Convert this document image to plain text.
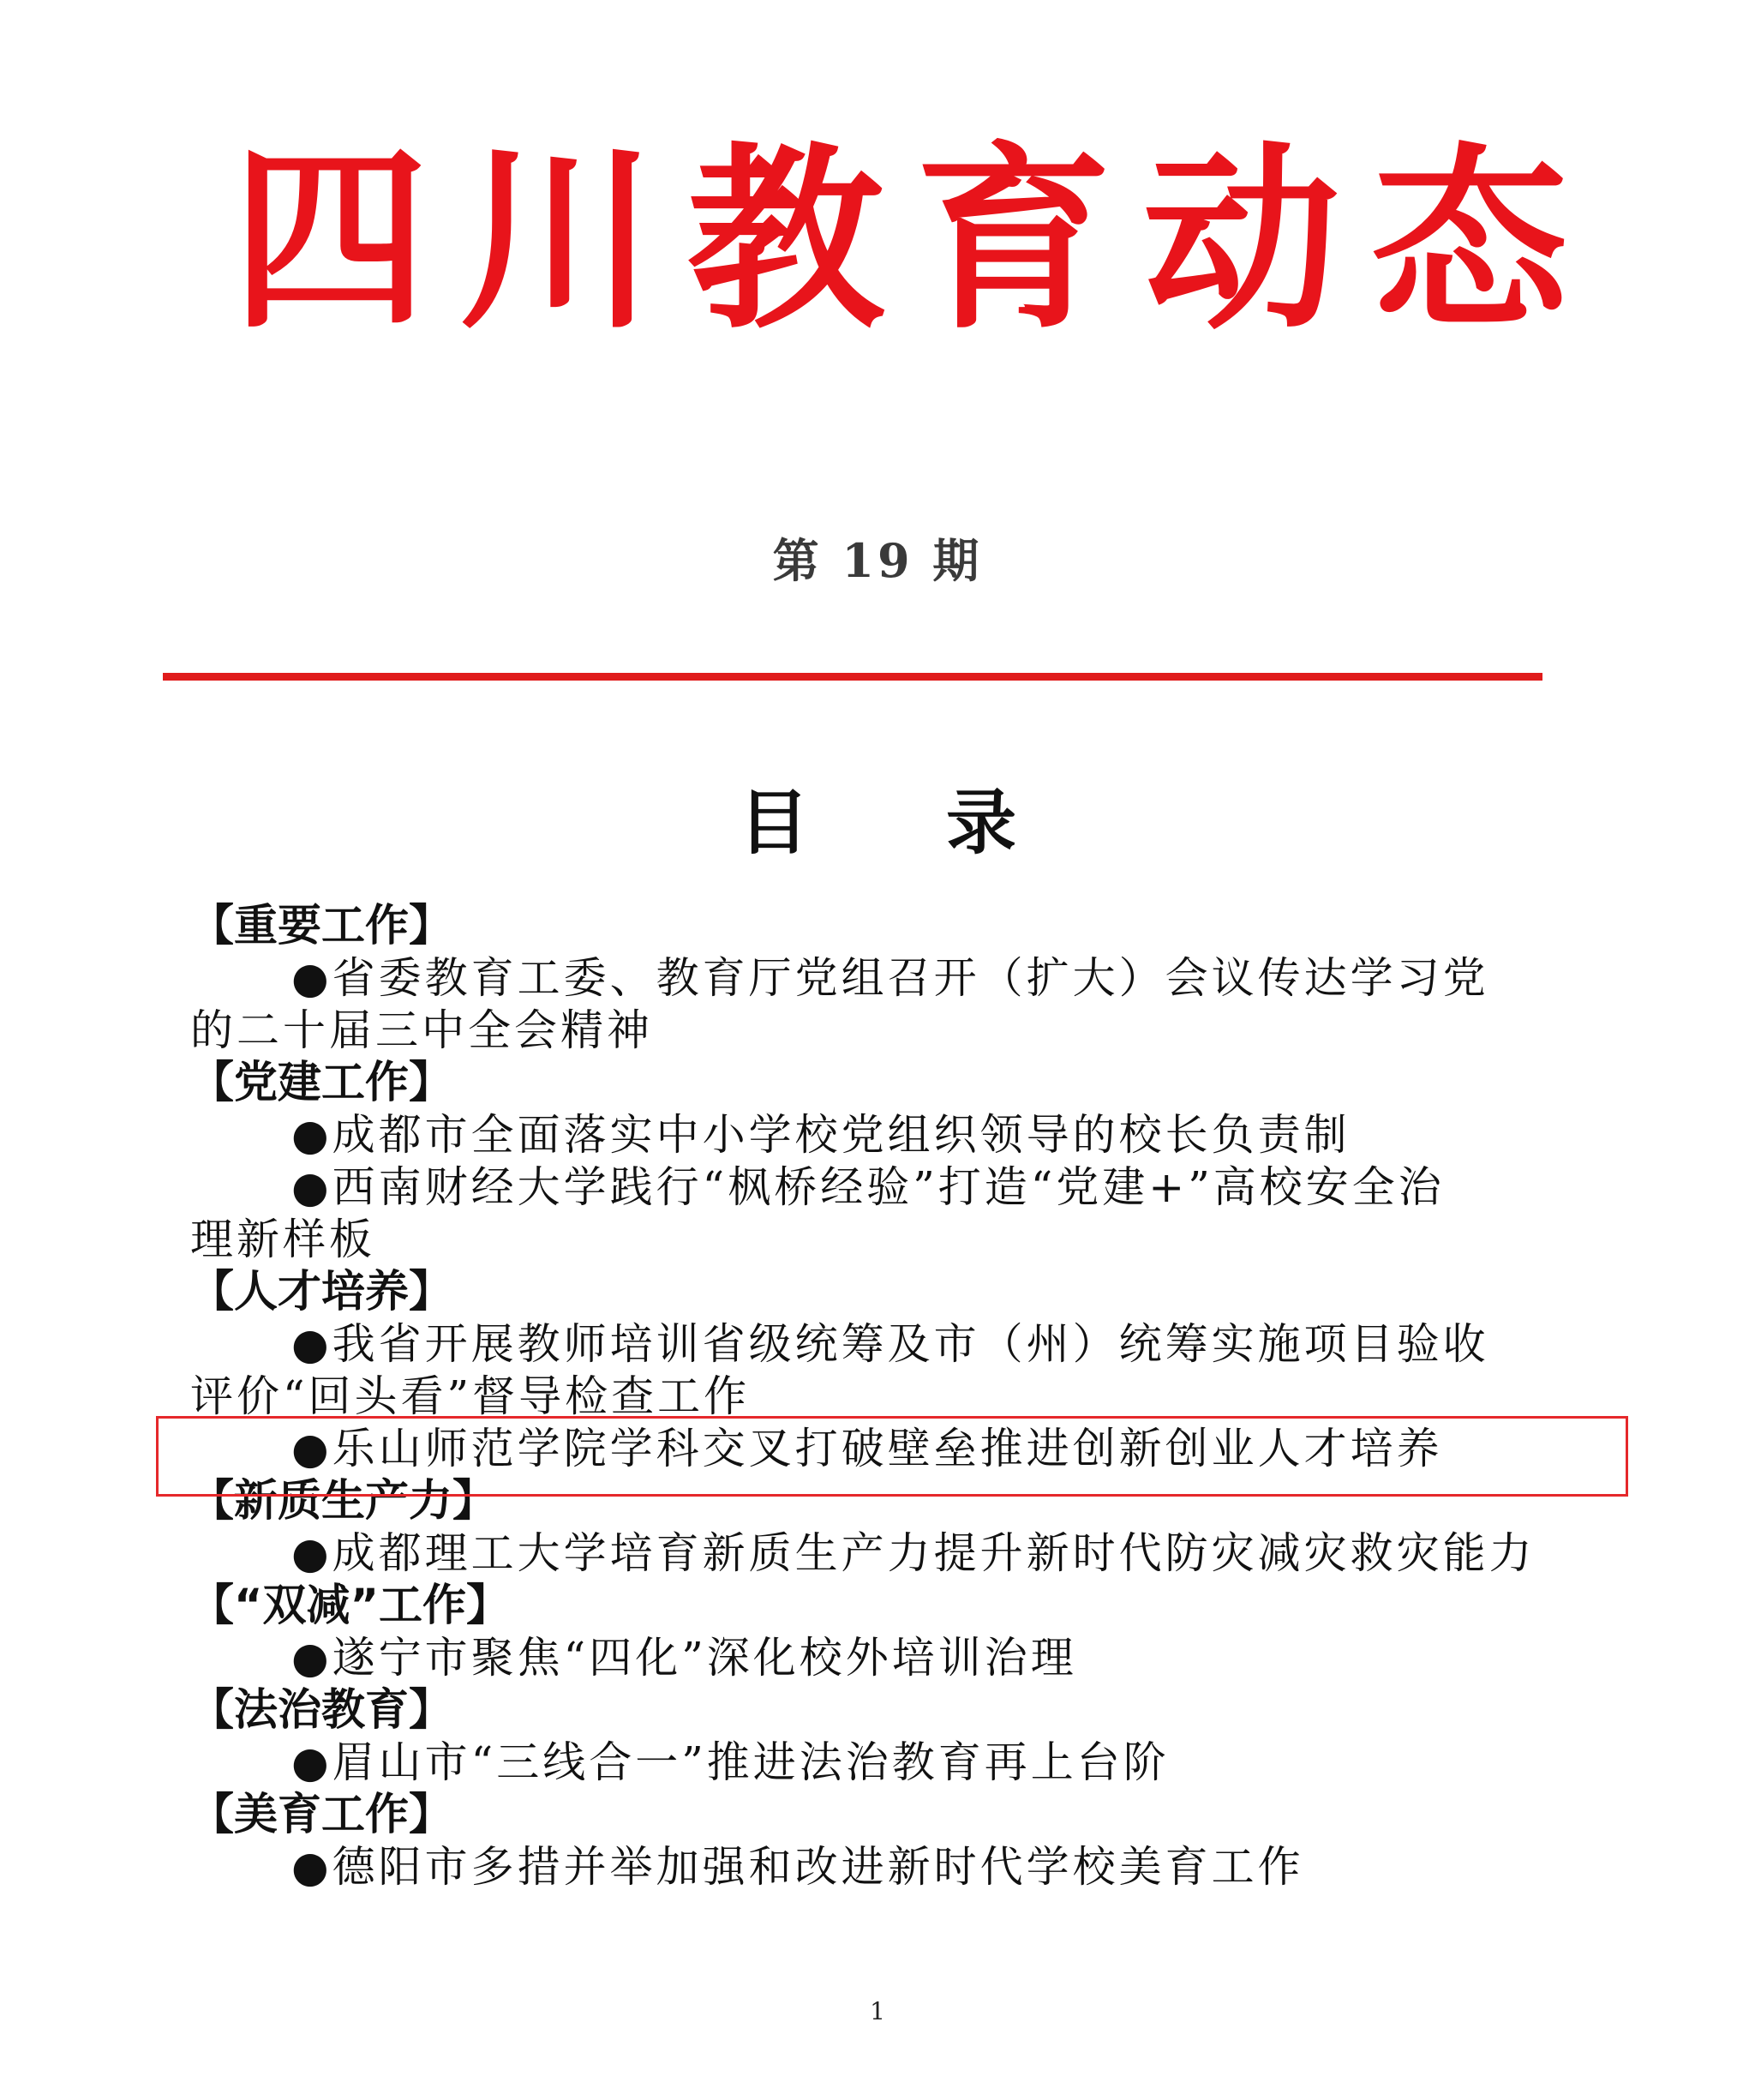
四 川 教 育 动 态
第 19 期
目录
【重要工作】
●省委教育工委、教育厅党组召开（扩大）会议传达学习党
的二十届三中全会精神
【党建工作】
●成都市全面落实中小学校党组织领导的校长负责制
●西南财经大学践行“枫桥经验”打造“党建+”高校安全治
理新样板
【人才培养】
●我省开展教师培训省级统筹及市（州）统筹实施项目验收
评价“回头看”督导检查工作
●乐山师范学院学科交叉打破壁垒推进创新创业人才培养
【新质生产力】
●成都理工大学培育新质生产力提升新时代防灾减灾救灾能力
【“双减”工作】
●遂宁市聚焦“四化”深化校外培训治理
【法治教育】
●眉山市“三线合一”推进法治教育再上台阶
【美育工作】
●德阳市多措并举加强和改进新时代学校美育工作
1
